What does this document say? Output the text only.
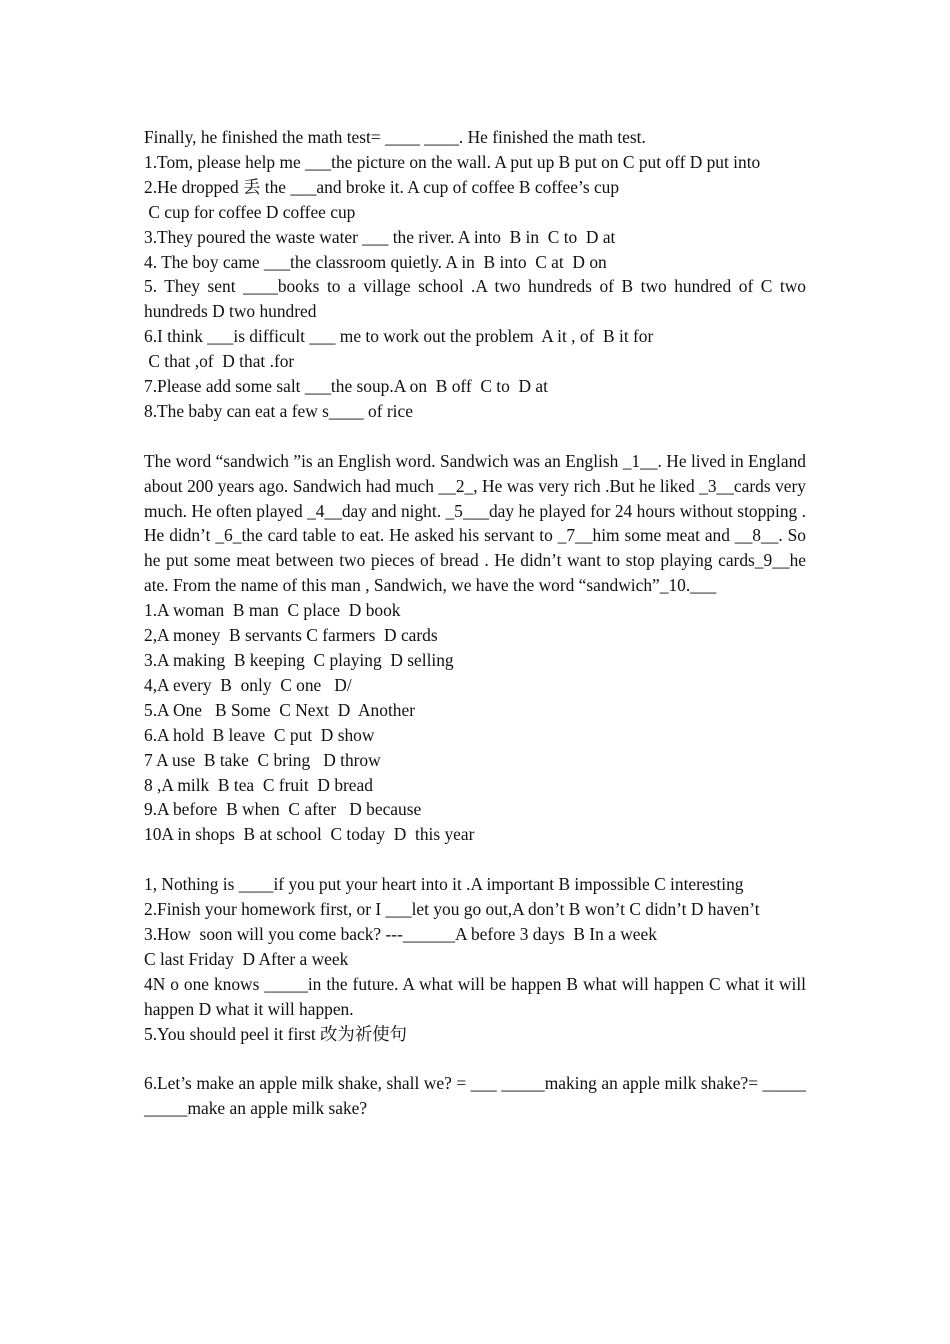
Finally, he finished the math test= ____ ____. He finished the math test.
1.Tom, please help me ___the picture on the wall. A put up B put on C put off D put into
2.He dropped 丢 the ___and broke it. A cup of coffee B coffee’s cup
C cup for coffee D coffee cup
3.They poured the waste water ___ the river. A into  B in  C to  D at
4. The boy came ___the classroom quietly. A in  B into  C at  D on
5. They sent ____books to a village school .A two hundreds of B two hundred of C two hundreds D two hundred
6.I think ___is difficult ___ me to work out the problem  A it , of  B it for
C that ,of  D that .for
7.Please add some salt ___the soup.A on  B off  C to  D at
8.The baby can eat a few s____ of rice
The word “sandwich ”is an English word. Sandwich was an English _1__. He lived in England about 200 years ago. Sandwich had much __2_, He was very rich .But he liked _3__cards very much. He often played _4__day and night. _5___day he played for 24 hours without stopping . He didn’t _6_the card table to eat. He asked his servant to _7__him some meat and __8__. So he put some meat between two pieces of bread . He didn’t want to stop playing cards_9__he ate. From the name of this man , Sandwich, we have the word “sandwich”_10.___
1.A woman  B man  C place  D book
2,A money  B servants C farmers  D cards
3.A making  B keeping  C playing  D selling
4,A every  B  only  C one   D/
5.A One   B Some  C Next  D  Another
6.A hold  B leave  C put  D show
7 A use  B take  C bring   D throw
8 ,A milk  B tea  C fruit  D bread
9.A before  B when  C after   D because
10A in shops  B at school  C today  D  this year
1, Nothing is ____if you put your heart into it .A important B impossible C interesting
2.Finish your homework first, or I ___let you go out,A don’t B won’t C didn’t D haven’t
3.How  soon will you come back? ---______A before 3 days  B In a week
C last Friday  D After a week
4N o one knows _____in the future. A what will be happen B what will happen C what it will happen D what it will happen.
5.You should peel it first 改为祈使句
6.Let’s make an apple milk shake, shall we? = ___ _____making an apple milk shake?= _____ _____make an apple milk sake?
